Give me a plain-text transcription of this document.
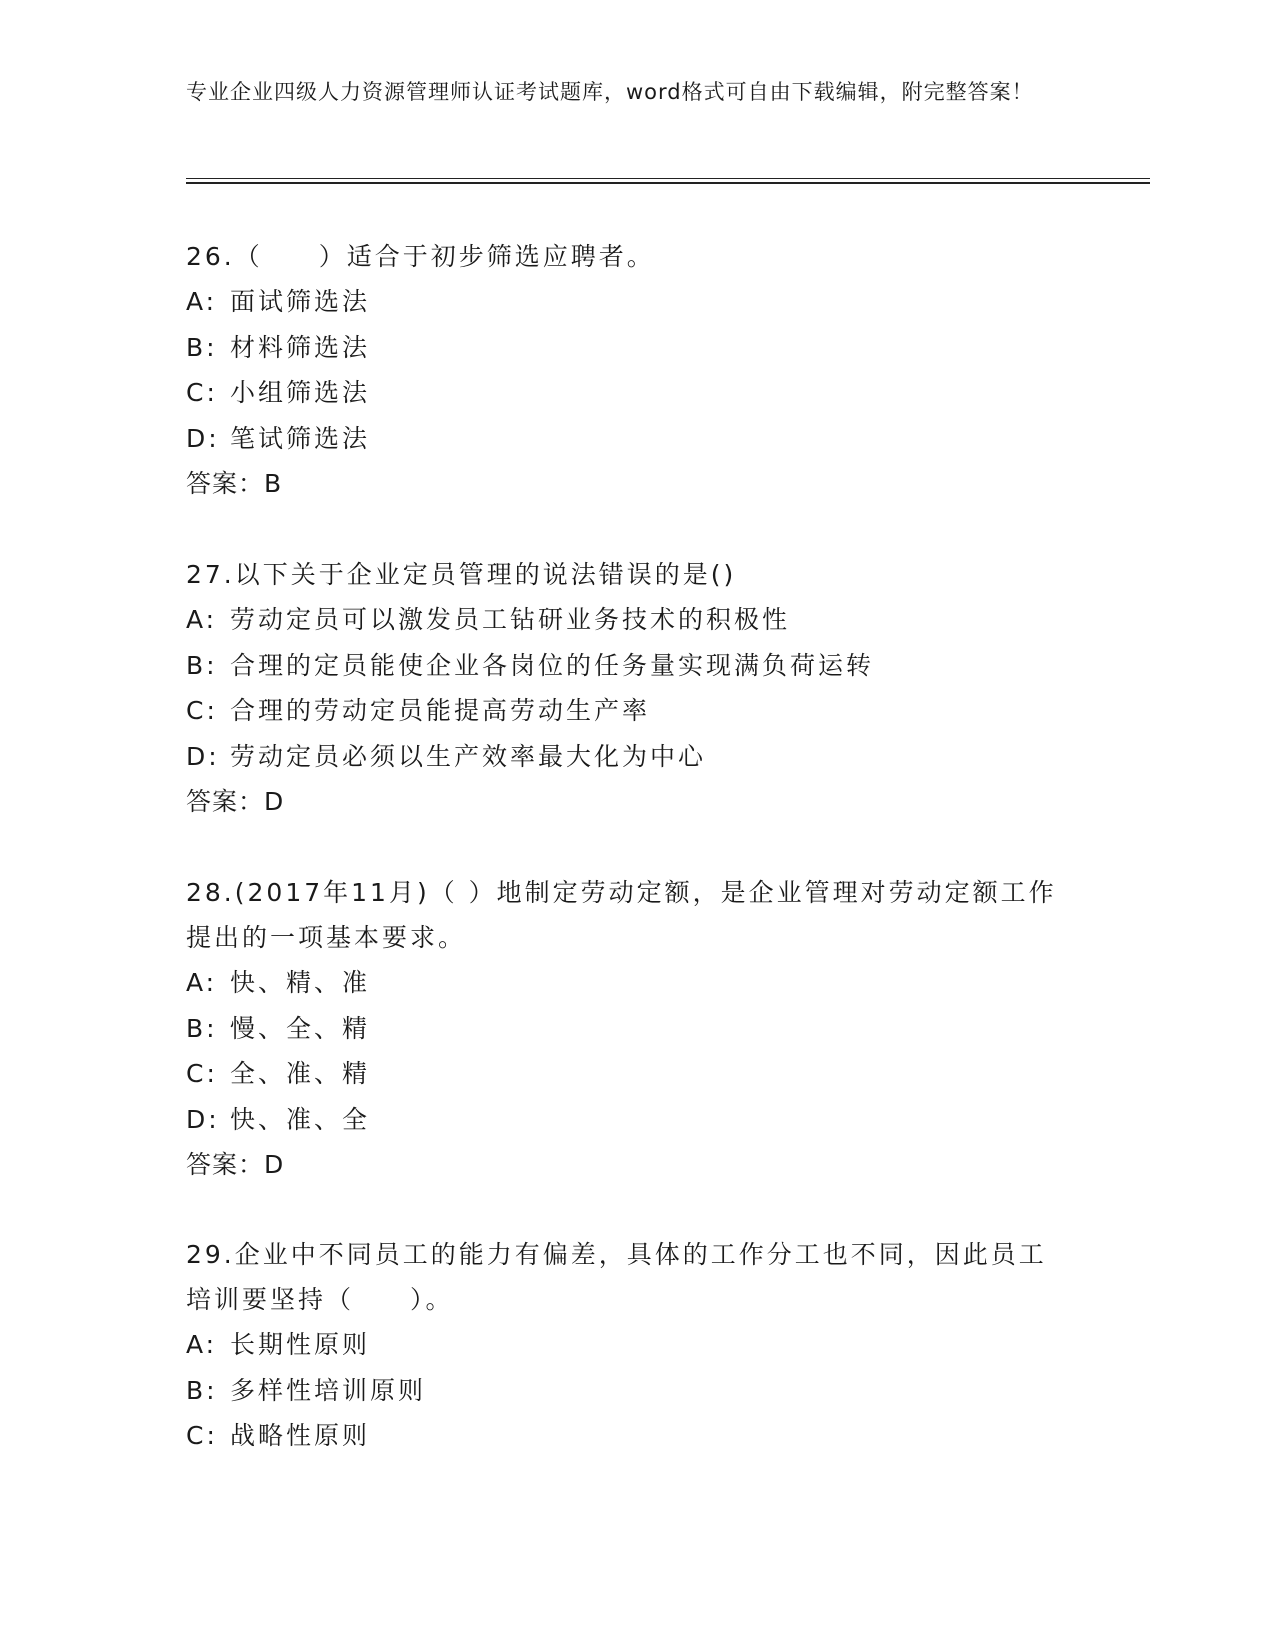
专业企业四级人力资源管理师认证考试题库，word格式可自由下载编辑，附完整答案！

26.（　　）适合于初步筛选应聘者。

A: 面试筛选法

B: 材料筛选法

C: 小组筛选法

D: 笔试筛选法

答案：B

27.以下关于企业定员管理的说法错误的是()

A: 劳动定员可以激发员工钻研业务技术的积极性

B: 合理的定员能使企业各岗位的任务量实现满负荷运转

C: 合理的劳动定员能提高劳动生产率

D: 劳动定员必须以生产效率最大化为中心

答案：D

28.(2017年11月)（ ）地制定劳动定额，是企业管理对劳动定额工作提出的一项基本要求。

A: 快、精、准

B: 慢、全、精

C: 全、准、精

D: 快、准、全

答案：D

29.企业中不同员工的能力有偏差，具体的工作分工也不同，因此员工培训要坚持（　　）。

A: 长期性原则

B: 多样性培训原则

C: 战略性原则
